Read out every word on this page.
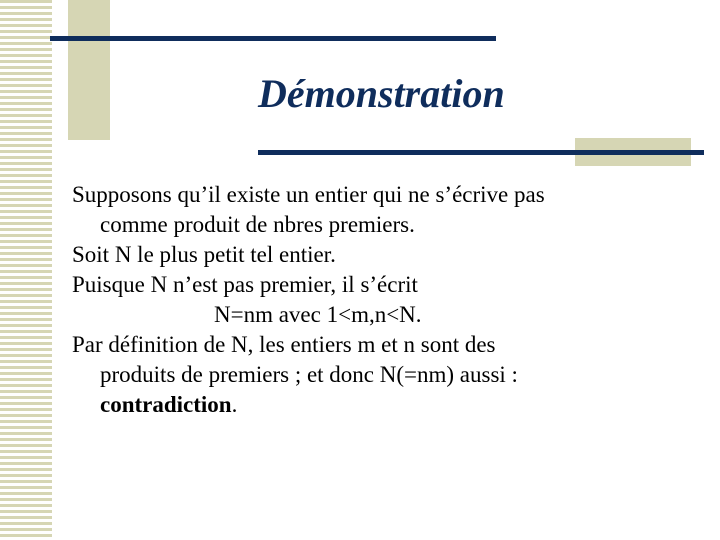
Démonstration

Supposons qu’il existe un entier qui ne s’écrive pas
comme produit de nbres premiers.

Soit N le plus petit tel entier.

Puisque N n’est pas premier, il s’écrit
N=nm avec 1<m,n<N.

Par définition de N, les entiers m et n sont des
produits de premiers ; et donc N(=nm) aussi :
contradiction.
